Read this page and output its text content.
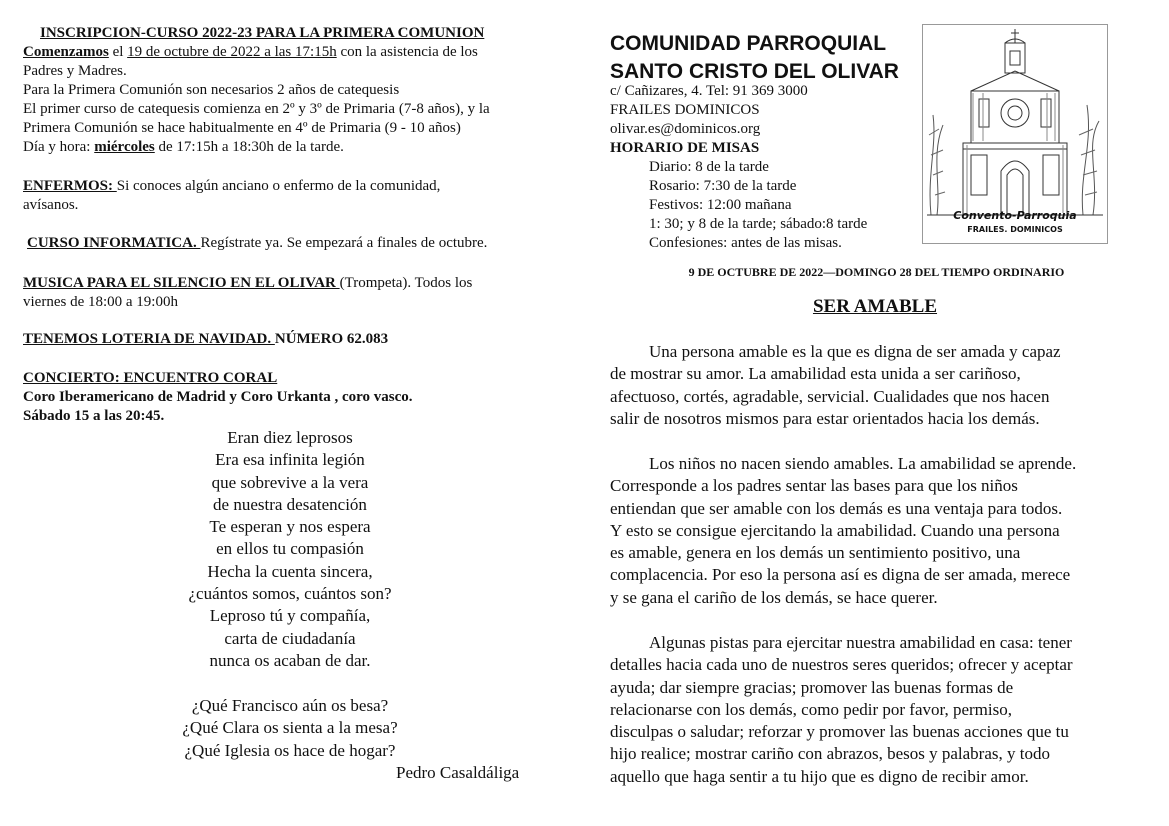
INSCRIPCION-CURSO 2022-23 PARA LA PRIMERA COMUNION
Comenzamos el 19 de octubre de 2022 a las 17:15h con la asistencia de los
Padres y Madres.
Para la Primera Comunión son necesarios 2 años de catequesis
El primer curso de catequesis comienza en 2º y 3º de Primaria (7-8 años), y la
Primera Comunión se hace habitualmente en 4º de Primaria (9 - 10 años)
Día y hora: miércoles de 17:15h a 18:30h de la tarde.
ENFERMOS: Si conoces algún anciano o enfermo de la comunidad,
avísanos.
CURSO INFORMATICA. Regístrate ya. Se empezará a finales de octubre.
MUSICA PARA EL SILENCIO EN EL OLIVAR (Trompeta). Todos los
viernes de 18:00 a 19:00h
TENEMOS LOTERIA DE NAVIDAD. NÚMERO 62.083
CONCIERTO: ENCUENTRO CORAL
Coro Iberamericano de Madrid y Coro Urkanta , coro vasco.
Sábado 15 a las 20:45.
Eran diez leprosos
Era esa infinita legión
que sobrevive a la vera
de nuestra desatención
Te esperan y nos espera
en ellos tu compasión
Hecha la cuenta sincera,
¿cuántos somos, cuántos son?
Leproso tú y compañía,
carta de ciudadanía
nunca os acaban de dar.
¿Qué Francisco aún os besa?
¿Qué Clara os sienta a la mesa?
¿Qué Iglesia os hace de hogar?
Pedro Casaldáliga
COMUNIDAD PARROQUIAL
SANTO CRISTO DEL OLIVAR
c/ Cañizares, 4. Tel: 91 369 3000
FRAILES DOMINICOS
olivar.es@dominicos.org
HORARIO DE MISAS
Diario: 8 de la tarde
Rosario: 7:30 de la tarde
Festivos: 12:00 mañana
1: 30; y 8 de la tarde; sábado:8 tarde
Confesiones: antes de las misas.
Convento-Parroquia
FRAILES. DOMINICOS
9 DE OCTUBRE DE 2022—DOMINGO 28 DEL TIEMPO ORDINARIO
SER AMABLE
Una persona amable es la que es digna de ser amada y capaz
de mostrar su amor. La amabilidad esta unida a ser cariñoso,
afectuoso, cortés, agradable, servicial. Cualidades que nos hacen
salir de nosotros mismos para estar orientados hacia los demás.
Los niños no nacen siendo amables. La amabilidad se aprende.
Corresponde a los padres sentar las bases para que los niños
entiendan que ser amable con los demás es una ventaja para todos.
Y esto se consigue ejercitando la amabilidad. Cuando una persona
es amable, genera en los demás un sentimiento positivo, una
complacencia. Por eso la persona así es digna de ser amada, merece
y se gana el cariño de los demás, se hace querer.
Algunas pistas para ejercitar nuestra amabilidad en casa: tener
detalles hacia cada uno de nuestros seres queridos; ofrecer y aceptar
ayuda; dar siempre gracias; promover las buenas formas de
relacionarse con los demás, como pedir por favor, permiso,
disculpas o saludar; reforzar y promover las buenas acciones que tu
hijo realice; mostrar cariño con abrazos, besos y palabras, y todo
aquello que haga sentir a tu hijo que es digno de recibir amor.
